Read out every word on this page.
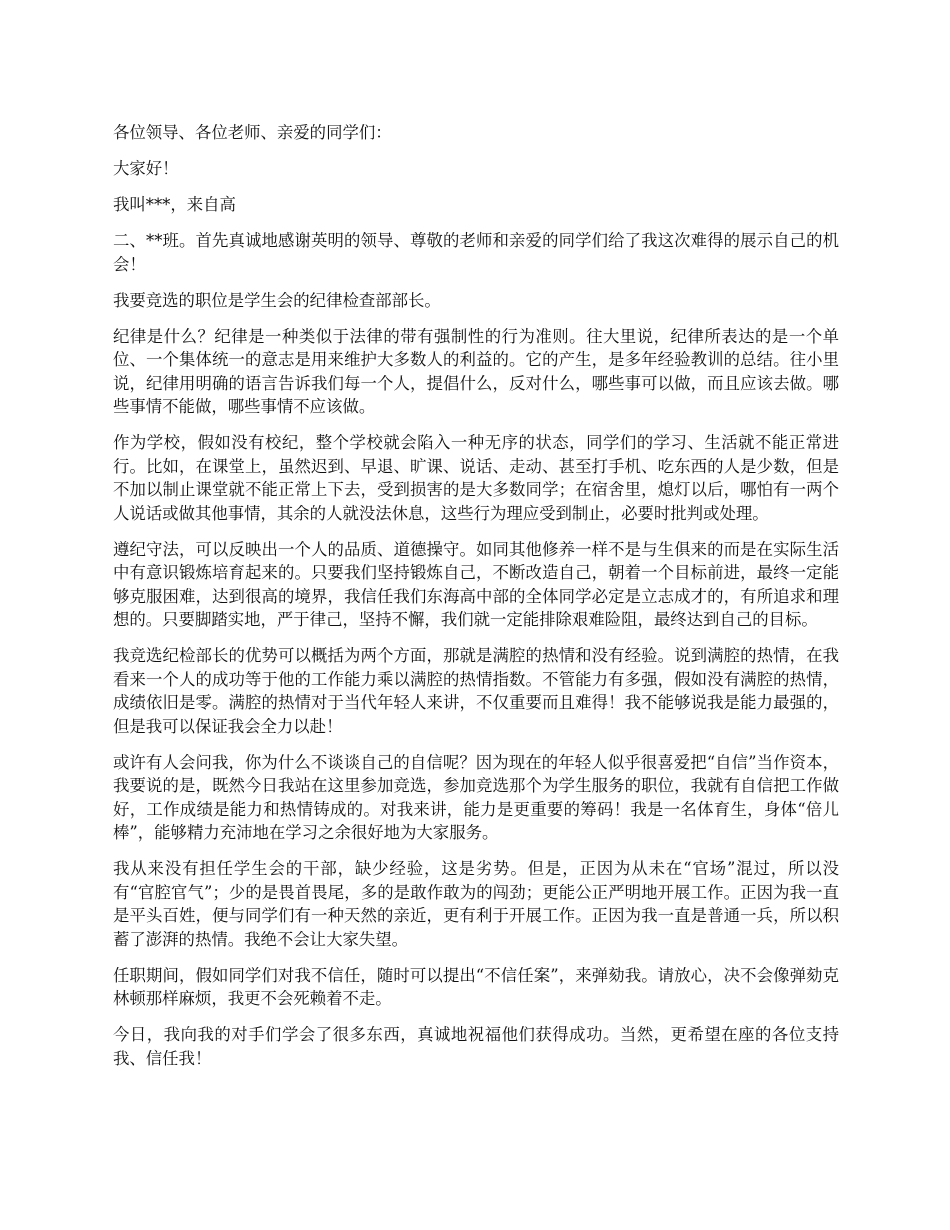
各位领导、各位老师、亲爱的同学们：

大家好！

我叫***，来自高

二、**班。首先真诚地感谢英明的领导、尊敬的老师和亲爱的同学们给了我这次难得的展示自己的机会！

我要竞选的职位是学生会的纪律检查部部长。

纪律是什么？纪律是一种类似于法律的带有强制性的行为准则。往大里说，纪律所表达的是一个单位、一个集体统一的意志是用来维护大多数人的利益的。它的产生，是多年经验教训的总结。往小里说，纪律用明确的语言告诉我们每一个人，提倡什么，反对什么，哪些事可以做，而且应该去做。哪些事情不能做，哪些事情不应该做。

作为学校，假如没有校纪，整个学校就会陷入一种无序的状态，同学们的学习、生活就不能正常进行。比如，在课堂上，虽然迟到、早退、旷课、说话、走动、甚至打手机、吃东西的人是少数，但是不加以制止课堂就不能正常上下去，受到损害的是大多数同学；在宿舍里，熄灯以后，哪怕有一两个人说话或做其他事情，其余的人就没法休息，这些行为理应受到制止，必要时批判或处理。

遵纪守法，可以反映出一个人的品质、道德操守。如同其他修养一样不是与生俱来的而是在实际生活中有意识锻炼培育起来的。只要我们坚持锻炼自己，不断改造自己，朝着一个目标前进，最终一定能够克服困难，达到很高的境界，我信任我们东海高中部的全体同学必定是立志成才的，有所追求和理想的。只要脚踏实地，严于律己，坚持不懈，我们就一定能排除艰难险阻，最终达到自己的目标。

我竞选纪检部长的优势可以概括为两个方面，那就是满腔的热情和没有经验。说到满腔的热情，在我看来一个人的成功等于他的工作能力乘以满腔的热情指数。不管能力有多强，假如没有满腔的热情，成绩依旧是零。满腔的热情对于当代年轻人来讲，不仅重要而且难得！我不能够说我是能力最强的，但是我可以保证我会全力以赴！

或许有人会问我，你为什么不谈谈自己的自信呢？因为现在的年轻人似乎很喜爱把“自信”当作资本，我要说的是，既然今日我站在这里参加竞选，参加竞选那个为学生服务的职位，我就有自信把工作做好，工作成绩是能力和热情铸成的。对我来讲，能力是更重要的筹码！我是一名体育生，身体“倍儿棒”，能够精力充沛地在学习之余很好地为大家服务。

我从来没有担任学生会的干部，缺少经验，这是劣势。但是，正因为从未在“官场”混过，所以没有“官腔官气”；少的是畏首畏尾，多的是敢作敢为的闯劲；更能公正严明地开展工作。正因为我一直是平头百姓，便与同学们有一种天然的亲近，更有利于开展工作。正因为我一直是普通一兵，所以积蓄了澎湃的热情。我绝不会让大家失望。

任职期间，假如同学们对我不信任，随时可以提出“不信任案”，来弹劾我。请放心，决不会像弹劾克林顿那样麻烦，我更不会死赖着不走。

今日，我向我的对手们学会了很多东西，真诚地祝福他们获得成功。当然，更希望在座的各位支持我、信任我！
